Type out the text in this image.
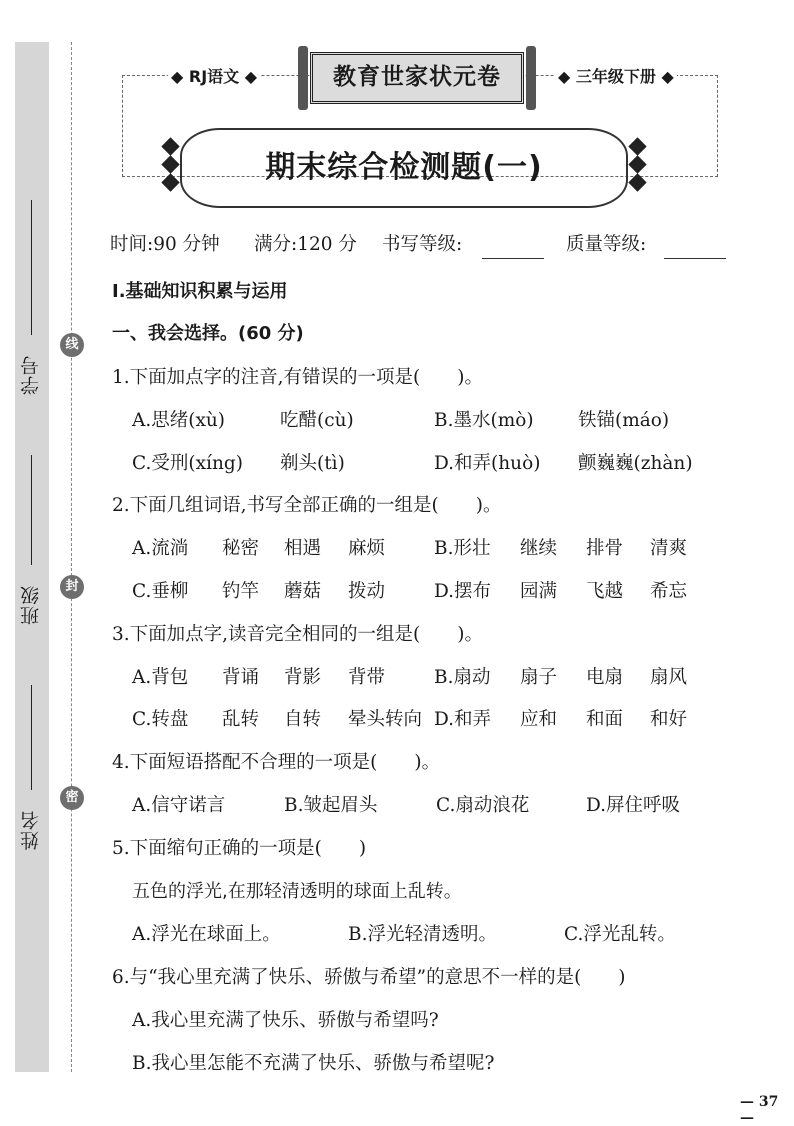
学号
班级
姓名
线
封
密
◆ RJ语文 ◆	◆ 三年级下册 ◆
教育世家状元卷
期末综合检测题(一)
时间:90 分钟 满分:120 分 书写等级:	质量等级:
Ⅰ.基础知识积累与运用
一、我会选择。(60 分)
1.下面加点字的注音,有错误的一项是(　　)。
A.思绪(xù)	吃醋(cù)	B.墨水(mò) 铁锚(máo)
C.受刑(xíng) 剃头(tì)	D.和弄(huò) 颤巍巍(zhàn)
2.下面几组词语,书写全部正确的一组是(　　)。
A.流淌 秘密 相遇 麻烦	B.形壮 继续 排骨 清爽
C.垂柳 钓竿 蘑菇 拨动	D.摆布 园满 飞越 希忘
3.下面加点字,读音完全相同的一组是(　　)。
A.背包 背诵 背影 背带	B.扇动 扇子 电扇 扇风
C.转盘 乱转 自转 晕头转向 D.和弄 应和 和面 和好
4.下面短语搭配不合理的一项是(　　)。
A.信守诺言	B.皱起眉头	C.扇动浪花	D.屏住呼吸
5.下面缩句正确的一项是(　　)
五色的浮光,在那轻清透明的球面上乱转。
A.浮光在球面上。	B.浮光轻清透明。	C.浮光乱转。
6.与“我心里充满了快乐、骄傲与希望”的意思不一样的是(　　)
A.我心里充满了快乐、骄傲与希望吗?
B.我心里怎能不充满了快乐、骄傲与希望呢?
— 37 —
